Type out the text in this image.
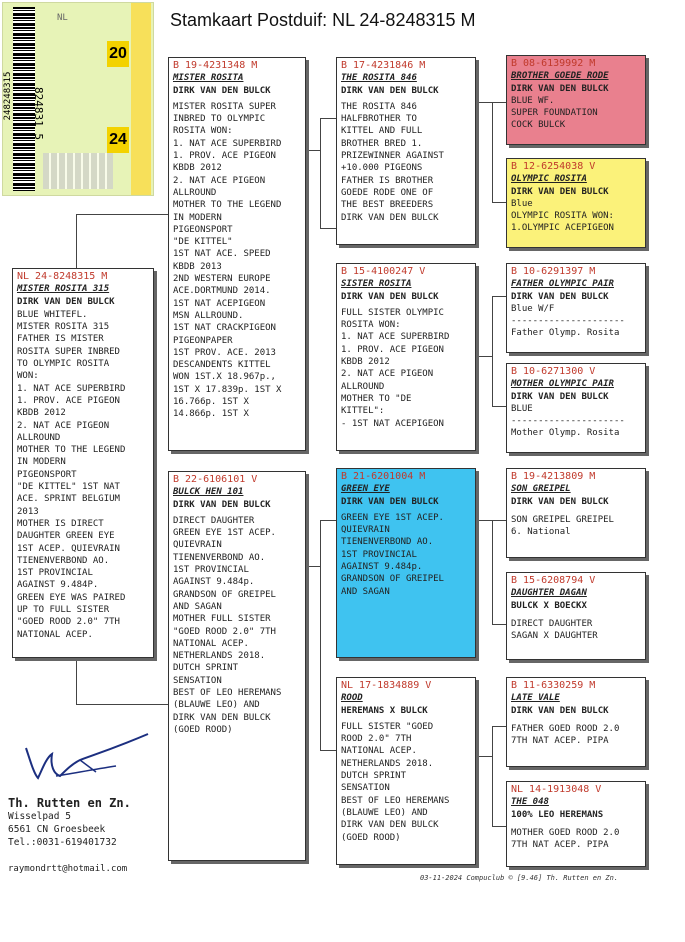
Stamkaart Postduif: NL 24-8248315 M
248248315
NL
20
24
824831 5
NL 24-8248315 M
MISTER ROSITA 315
DIRK VAN DEN BULCK
BLUE WHITEFL.
MISTER ROSITA 315
FATHER IS MISTER
ROSITA SUPER INBRED
TO OLYMPIC ROSITA
WON:
1. NAT ACE SUPERBIRD
1. PROV. ACE PIGEON
KBDB 2012
2. NAT ACE PIGEON
ALLROUND
MOTHER TO THE LEGEND
IN MODERN
PIGEONSPORT
"DE KITTEL" 1ST NAT
ACE. SPRINT BELGIUM
2013
MOTHER IS DIRECT
DAUGHTER GREEN EYE
1ST ACEP. QUIEVRAIN
TIENENVERBOND AO.
1ST PROVINCIAL
AGAINST 9.484P.
GREEN EYE WAS PAIRED
UP TO FULL SISTER
"GOED ROOD 2.0" 7TH
NATIONAL ACEP.
B 19-4231348 M
MISTER ROSITA
DIRK VAN DEN BULCK
MISTER ROSITA SUPER
INBRED TO OLYMPIC
ROSITA WON:
1. NAT ACE SUPERBIRD
1. PROV. ACE PIGEON
KBDB 2012
2. NAT ACE PIGEON
ALLROUND
MOTHER TO THE LEGEND
IN MODERN
PIGEONSPORT
"DE KITTEL"
1ST NAT ACE. SPEED
KBDB 2013
2ND WESTERN EUROPE
ACE.DORTMUND 2014.
1ST NAT ACEPIGEON
MSN ALLROUND.
1ST NAT CRACKPIGEON
PIGEONPAPER
1ST PROV. ACE. 2013
DESCANDENTS KITTEL
WON 1ST.X 18.967p.,
1ST X 17.839p. 1ST X
16.766p. 1ST X
14.866p. 1ST X
B 22-6106101 V
BULCK HEN 101
DIRK VAN DEN BULCK
DIRECT DAUGHTER
GREEN EYE 1ST ACEP.
QUIEVRAIN
TIENENVERBOND AO.
1ST PROVINCIAL
AGAINST 9.484p.
GRANDSON OF GREIPEL
AND SAGAN
MOTHER FULL SISTER
"GOED ROOD 2.0" 7TH
NATIONAL ACEP.
NETHERLANDS 2018.
DUTCH SPRINT
SENSATION
BEST OF LEO HEREMANS
(BLAUWE LEO) AND
DIRK VAN DEN BULCK
(GOED ROOD)
B 17-4231846 M
THE ROSITA 846
DIRK VAN DEN BULCK
THE ROSITA 846
HALFBROTHER TO
KITTEL AND FULL
BROTHER BRED 1.
PRIZEWINNER AGAINST
+10.000 PIGEONS
FATHER IS BROTHER
GOEDE RODE ONE OF
THE BEST BREEDERS
DIRK VAN DEN BULCK
B 15-4100247 V
SISTER ROSITA
DIRK VAN DEN BULCK
FULL SISTER OLYMPIC
ROSITA WON:
1. NAT ACE SUPERBIRD
1. PROV. ACE PIGEON
KBDB 2012
2. NAT ACE PIGEON
ALLROUND
MOTHER TO "DE
KITTEL":
- 1ST NAT ACEPIGEON
B 21-6201004 M
GREEN EYE
DIRK VAN DEN BULCK
GREEN EYE 1ST ACEP.
QUIEVRAIN
TIENENVERBOND AO.
1ST PROVINCIAL
AGAINST 9.484p.
GRANDSON OF GREIPEL
AND SAGAN
NL 17-1834889 V
ROOD
HEREMANS X BULCK
FULL SISTER "GOED
ROOD 2.0" 7TH
NATIONAL ACEP.
NETHERLANDS 2018.
DUTCH SPRINT
SENSATION
BEST OF LEO HEREMANS
(BLAUWE LEO) AND
DIRK VAN DEN BULCK
(GOED ROOD)
B 08-6139992 M
BROTHER GOEDE RODE
DIRK VAN DEN BULCK
BLUE WF.
SUPER FOUNDATION
COCK BULCK
B 12-6254038 V
OLYMPIC ROSITA
DIRK VAN DEN BULCK
Blue
OLYMPIC ROSITA WON:
1.OLYMPIC ACEPIGEON
B 10-6291397 M
FATHER OLYMPIC PAIR
DIRK VAN DEN BULCK
Blue W/F
---------------------
Father Olymp. Rosita
B 10-6271300 V
MOTHER OLYMPIC PAIR
DIRK VAN DEN BULCK
BLUE
---------------------
Mother Olymp. Rosita
B 19-4213809 M
SON GREIPEL
DIRK VAN DEN BULCK
SON GREIPEL GREIPEL
6. National
B 15-6208794 V
DAUGHTER DAGAN
BULCK X BOECKX
DIRECT DAUGHTER
SAGAN X DAUGHTER
B 11-6330259 M
LATE VALE
DIRK VAN DEN BULCK
FATHER GOED ROOD 2.0
7TH NAT ACEP. PIPA
NL 14-1913048 V
THE 048
100% LEO HEREMANS
MOTHER GOED ROOD 2.0
7TH NAT ACEP. PIPA
Th. Rutten en Zn.
Wisselpad 5
6561 CN Groesbeek
Tel.:0031-619401732
raymondrtt@hotmail.com
03-11-2024 Compuclub © [9.46] Th. Rutten en Zn.
